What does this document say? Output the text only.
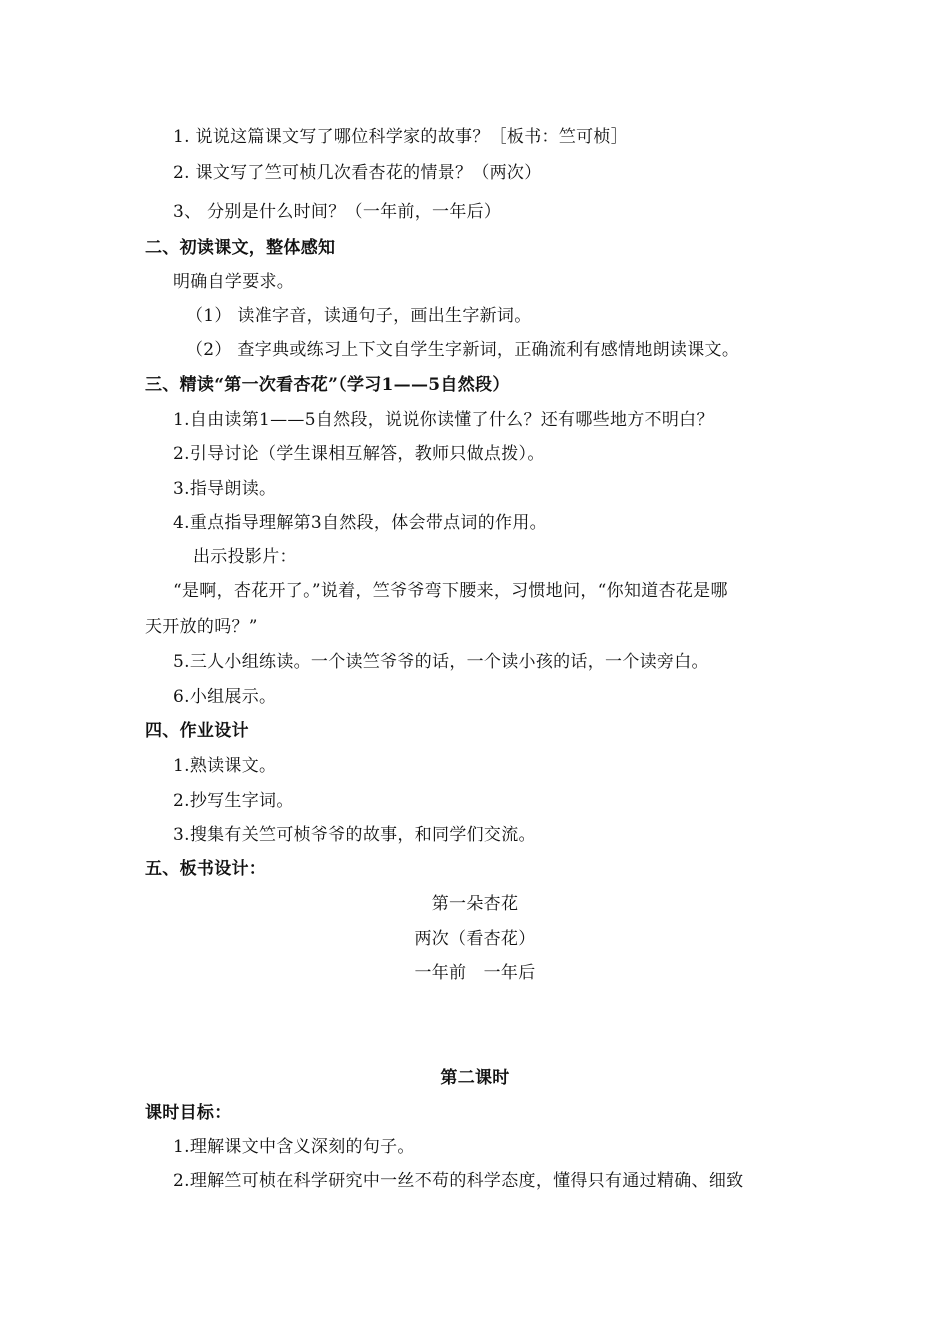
1. 说说这篇课文写了哪位科学家的故事？［板书：竺可桢］
2. 课文写了竺可桢几次看杏花的情景？（两次）
3、 分别是什么时间？（一年前，一年后）
二、初读课文，整体感知
明确自学要求。
（1） 读准字音，读通句子，画出生字新词。
（2） 查字典或练习上下文自学生字新词，正确流利有感情地朗读课文。
三、精读“第一次看杏花”（学习1——5自然段）
1.自由读第1——5自然段，说说你读懂了什么？还有哪些地方不明白？
2.引导讨论（学生课相互解答，教师只做点拨）。
3.指导朗读。
4.重点指导理解第3自然段，体会带点词的作用。
出示投影片：
“是啊，杏花开了。”说着，竺爷爷弯下腰来，习惯地问，“你知道杏花是哪
天开放的吗？”
5.三人小组练读。一个读竺爷爷的话，一个读小孩的话，一个读旁白。
6.小组展示。
四、作业设计
1.熟读课文。
2.抄写生字词。
3.搜集有关竺可桢爷爷的故事，和同学们交流。
五、板书设计：
第一朵杏花
两次（看杏花）
一年前　一年后
第二课时
课时目标：
1.理解课文中含义深刻的句子。
2.理解竺可桢在科学研究中一丝不苟的科学态度，懂得只有通过精确、细致
